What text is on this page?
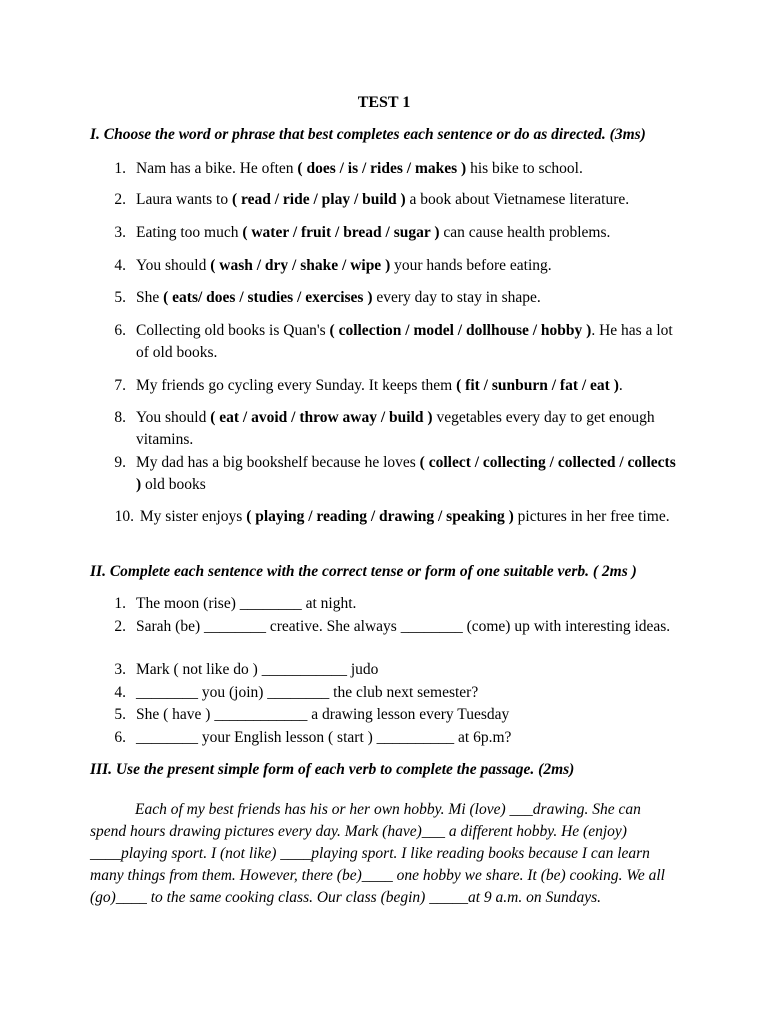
TEST 1
I. Choose the word or phrase that best completes each sentence or do as directed. (3ms)
1. Nam has a bike. He often ( does / is / rides / makes ) his bike to school.
2. Laura wants to ( read / ride / play / build ) a book about Vietnamese literature.
3. Eating too much ( water / fruit / bread / sugar ) can cause health problems.
4. You should ( wash / dry / shake / wipe ) your hands before eating.
5. She ( eats/ does / studies / exercises ) every day to stay in shape.
6. Collecting old books is Quan's ( collection / model / dollhouse / hobby ). He has a lot of old books.
7. My friends go cycling every Sunday. It keeps them ( fit / sunburn / fat / eat ).
8. You should ( eat / avoid / throw away / build ) vegetables every day to get enough vitamins.
9. My dad has a big bookshelf because he loves ( collect / collecting / collected / collects ) old books
10. My sister enjoys ( playing / reading / drawing / speaking ) pictures in her free time.
II. Complete each sentence with the correct tense or form of one suitable verb. ( 2ms )
1. The moon (rise) ________ at night.
2. Sarah (be) ________ creative. She always ________ (come) up with interesting ideas.
3. Mark ( not like do ) ___________ judo
4. ________ you (join) ________ the club next semester?
5. She ( have ) ____________ a drawing lesson every Tuesday
6. ________ your English lesson ( start ) __________ at 6p.m?
III. Use the present simple form of each verb to complete the passage. (2ms)

Each of my best friends has his or her own hobby. Mi (love) ___drawing. She can spend hours drawing pictures every day. Mark (have)___ a different hobby. He (enjoy) ____playing sport. I (not like) ____playing sport. I like reading books because I can learn many things from them. However, there (be)____ one hobby we share. It (be) cooking. We all (go)____ to the same cooking class. Our class (begin) _____at 9 a.m. on Sundays.
